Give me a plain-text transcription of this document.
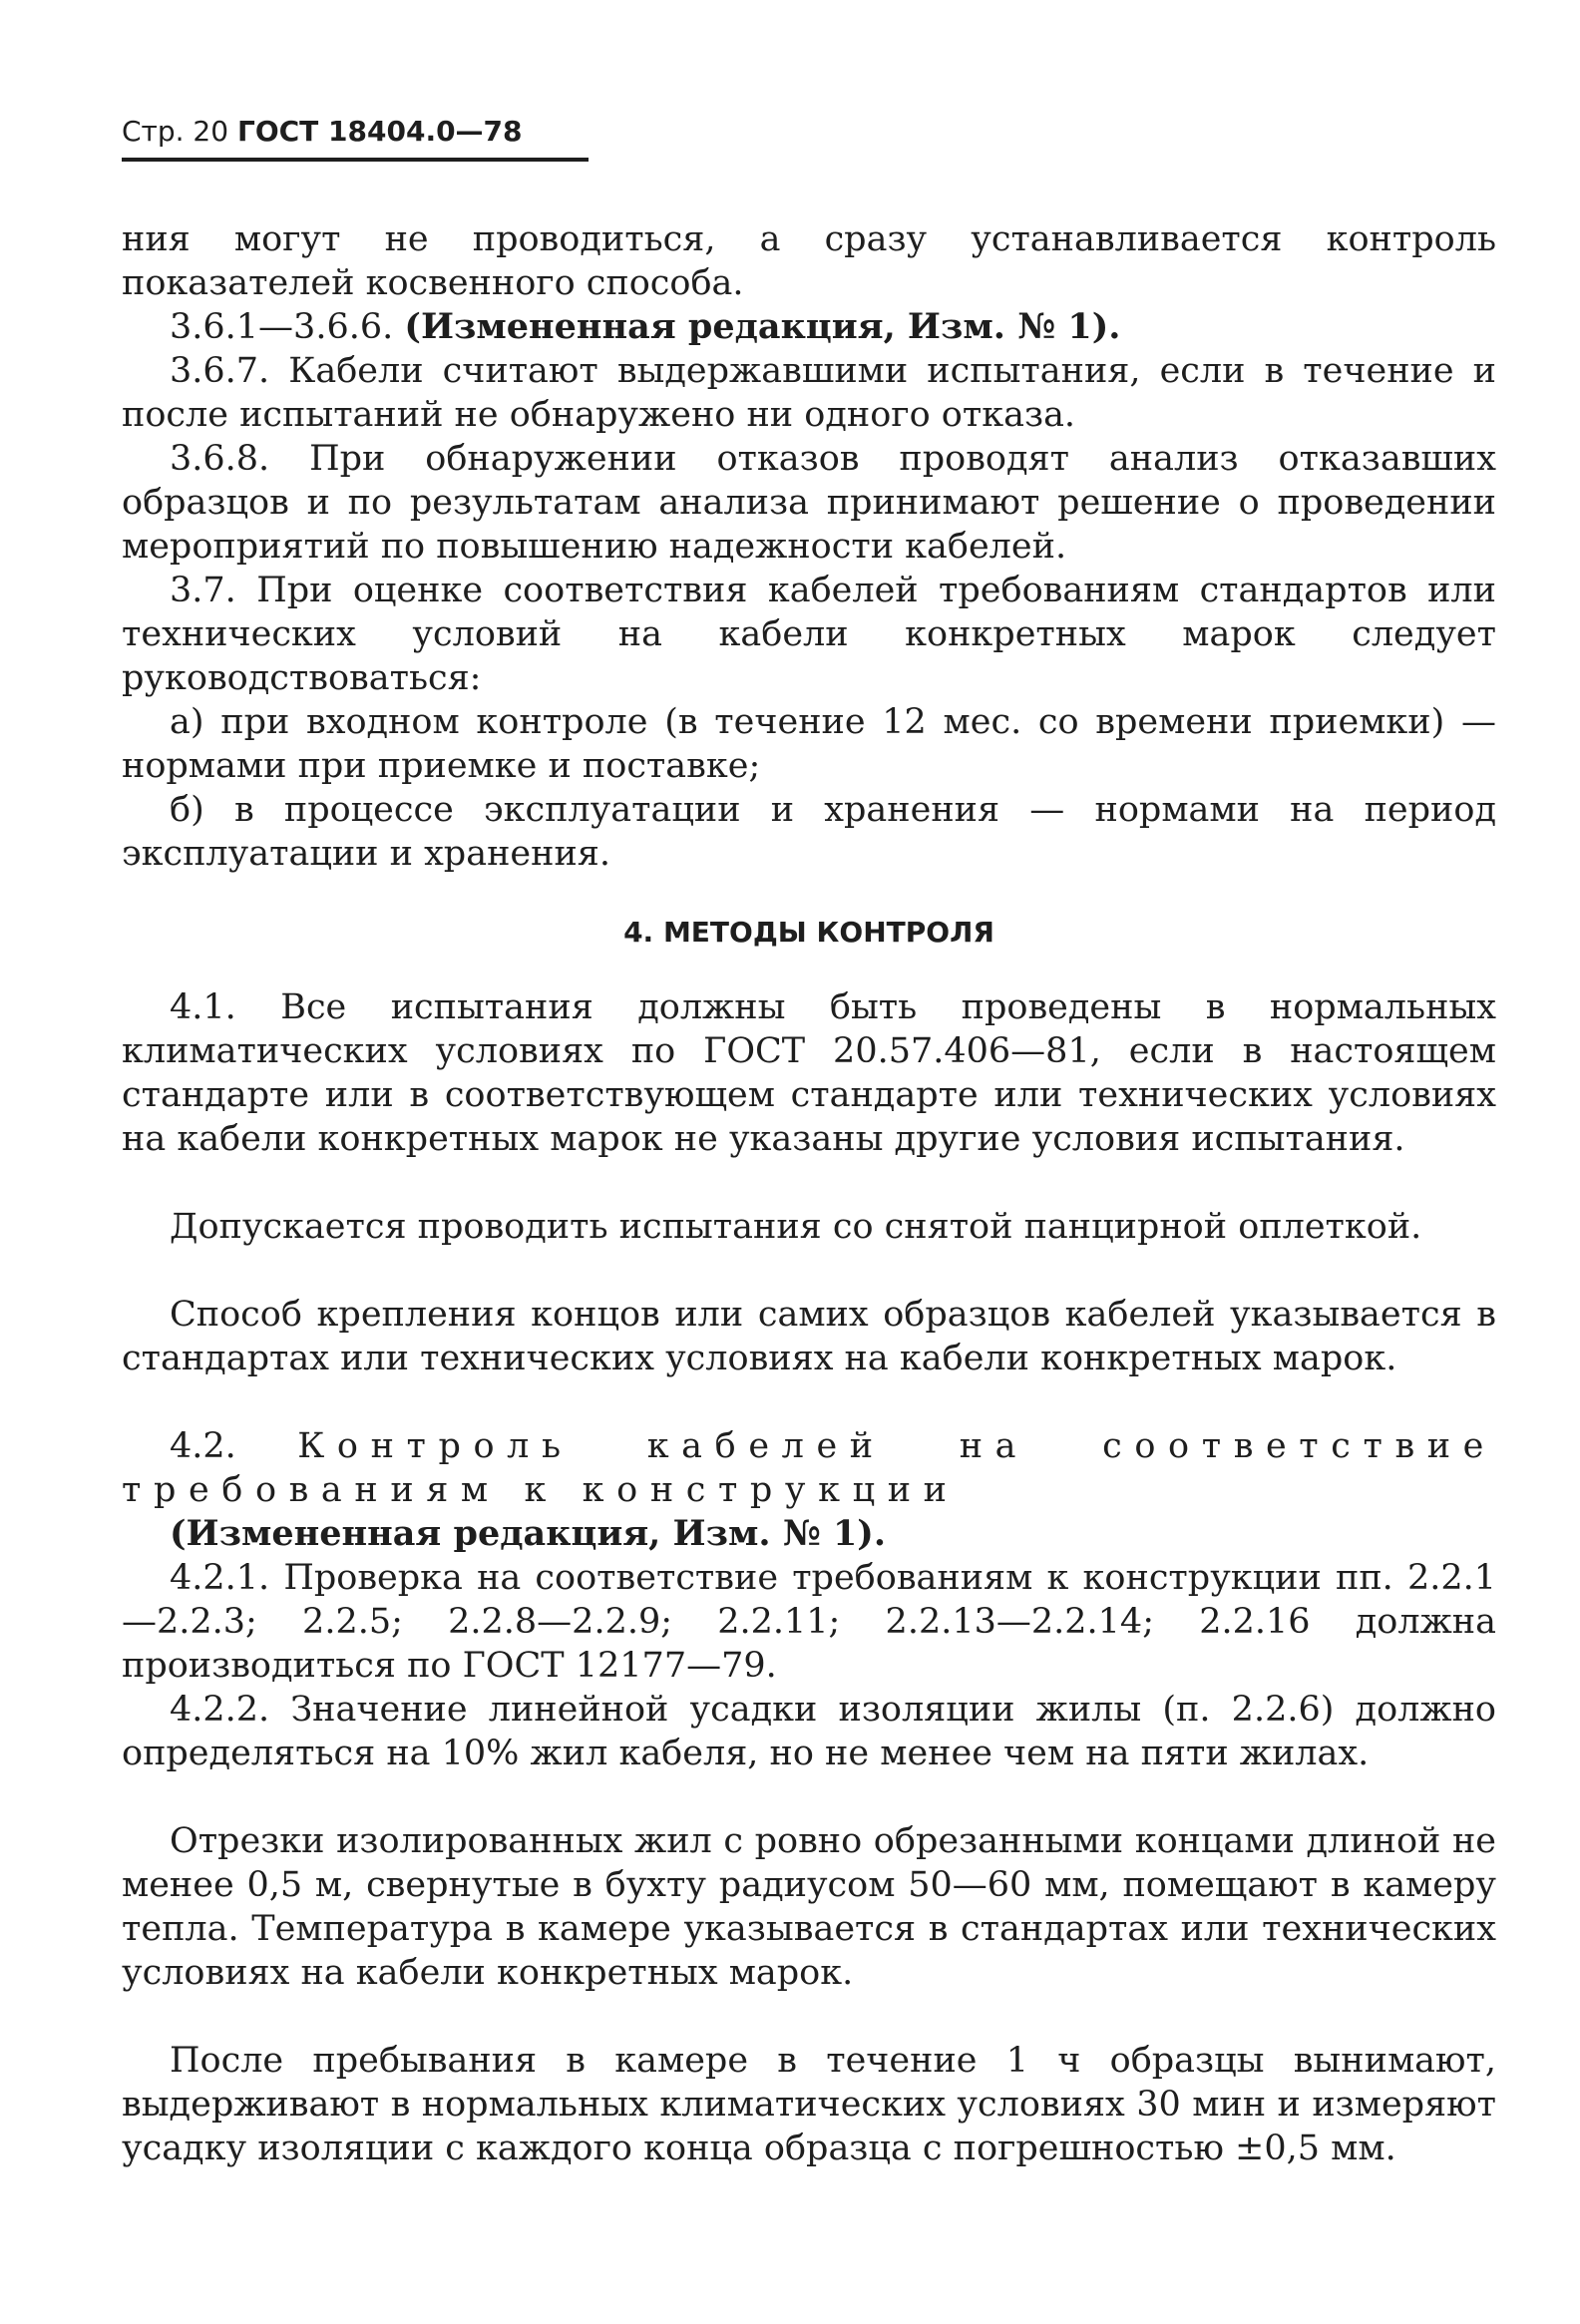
Стр. 20 ГОСТ 18404.0—78

ния могут не проводиться, а сразу устанавливается контроль показателей косвенного способа.

3.6.1—3.6.6. (Измененная редакция, Изм. № 1).

3.6.7. Кабели считают выдержавшими испытания, если в течение и после испытаний не обнаружено ни одного отказа.

3.6.8. При обнаружении отказов проводят анализ отказавших образцов и по результатам анализа принимают решение о проведении мероприятий по повышению надежности кабелей.

3.7. При оценке соответствия кабелей требованиям стандартов или технических условий на кабели конкретных марок следует руководствоваться:

а) при входном контроле (в течение 12 мес. со времени приемки) — нормами при приемке и поставке;

б) в процессе эксплуатации и хранения — нормами на период эксплуатации и хранения.

4. МЕТОДЫ КОНТРОЛЯ

4.1. Все испытания должны быть проведены в нормальных климатических условиях по ГОСТ 20.57.406—81, если в настоящем стандарте или в соответствующем стандарте или технических условиях на кабели конкретных марок не указаны другие условия испытания.

Допускается проводить испытания со снятой панцирной оплеткой.

Способ крепления концов или самих образцов кабелей указывается в стандартах или технических условиях на кабели конкретных марок.

4.2. Контроль кабелей на соответствие требованиям к конструкции

(Измененная редакция, Изм. № 1).

4.2.1. Проверка на соответствие требованиям к конструкции пп. 2.2.1—2.2.3; 2.2.5; 2.2.8—2.2.9; 2.2.11; 2.2.13—2.2.14; 2.2.16 должна производиться по ГОСТ 12177—79.

4.2.2. Значение линейной усадки изоляции жилы (п. 2.2.6) должно определяться на 10% жил кабеля, но не менее чем на пяти жилах.

Отрезки изолированных жил с ровно обрезанными концами длиной не менее 0,5 м, свернутые в бухту радиусом 50—60 мм, помещают в камеру тепла. Температура в камере указывается в стандартах или технических условиях на кабели конкретных марок.

После пребывания в камере в течение 1 ч образцы вынимают, выдерживают в нормальных климатических условиях 30 мин и измеряют усадку изоляции с каждого конца образца с погрешностью ±0,5 мм.
